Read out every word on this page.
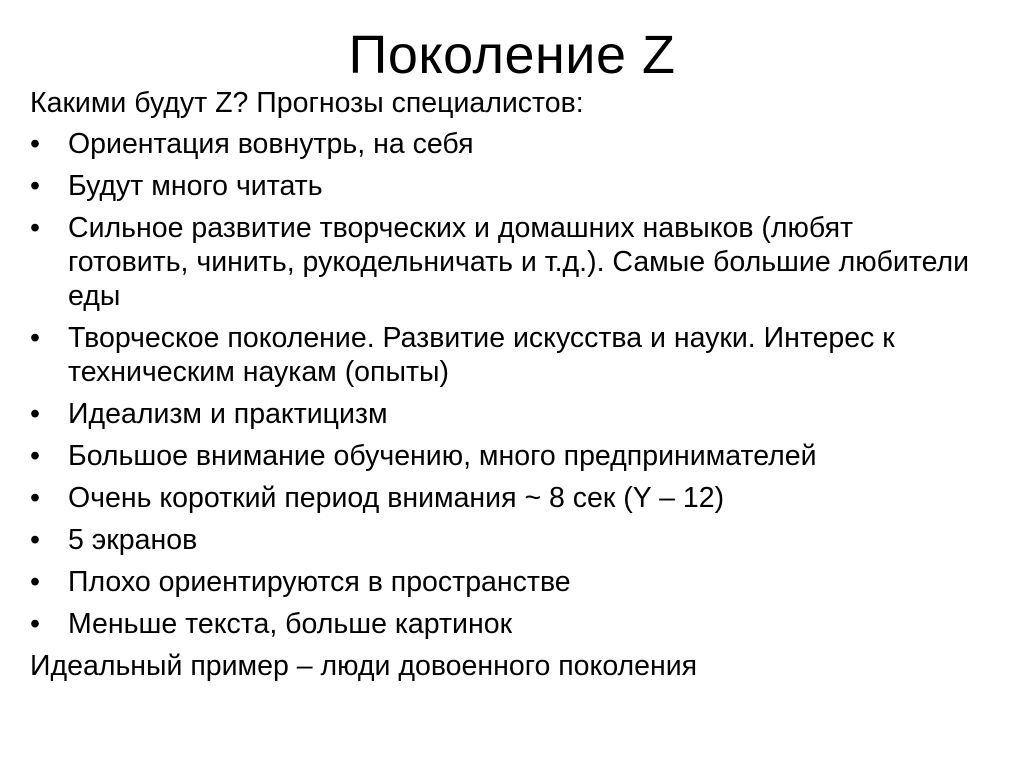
Поколение Z

Какими будут Z? Прогнозы специалистов:

• Ориентация вовнутрь, на себя
• Будут много читать
• Сильное развитие творческих и домашних навыков (любят готовить, чинить, рукодельничать и т.д.). Самые большие любители еды
• Творческое поколение. Развитие искусства и науки. Интерес к техническим наукам (опыты)
• Идеализм и практицизм
• Большое внимание обучению, много предпринимателей
• Очень короткий период внимания ~ 8 сек (Y – 12)
• 5 экранов
• Плохо ориентируются в пространстве
• Меньше текста, больше картинок

Идеальный пример – люди довоенного поколения
